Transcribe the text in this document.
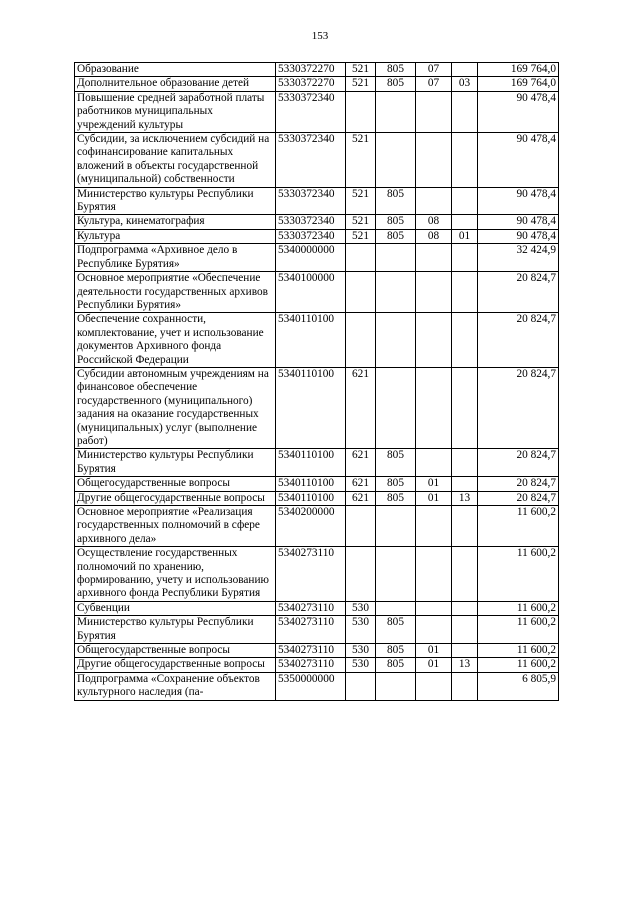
153
Образование	5330372270	521	805	07		169 764,0
Дополнительное образование детей	5330372270	521	805	07	03	169 764,0
Повышение средней заработной платы работников муниципальных учреждений культуры	5330372340					90 478,4
Субсидии, за исключением субсидий на софинансирование капитальных вложений в объекты государственной (муниципальной) собственности	5330372340	521				90 478,4
Министерство культуры Республики Бурятия	5330372340	521	805			90 478,4
Культура, кинематография	5330372340	521	805	08		90 478,4
Культура	5330372340	521	805	08	01	90 478,4
Подпрограмма «Архивное дело в Республике Бурятия»	5340000000					32 424,9
Основное мероприятие «Обеспечение деятельности государственных архивов Республики Бурятия»	5340100000					20 824,7
Обеспечение сохранности, комплектование, учет и использование документов Архивного фонда Российской Федерации	5340110100					20 824,7
Субсидии автономным учреждениям на финансовое обеспечение государственного (муниципального) задания на оказание государственных (муниципальных) услуг (выполнение работ)	5340110100	621				20 824,7
Министерство культуры Республики Бурятия	5340110100	621	805			20 824,7
Общегосударственные вопросы	5340110100	621	805	01		20 824,7
Другие общегосударственные вопросы	5340110100	621	805	01	13	20 824,7
Основное мероприятие «Реализация государственных полномочий в сфере архивного дела»	5340200000					11 600,2
Осуществление государственных полномочий по хранению, формированию, учету и использованию архивного фонда Республики Бурятия	5340273110					11 600,2
Субвенции	5340273110	530				11 600,2
Министерство культуры Республики Бурятия	5340273110	530	805			11 600,2
Общегосударственные вопросы	5340273110	530	805	01		11 600,2
Другие общегосударственные вопросы	5340273110	530	805	01	13	11 600,2
Подпрограмма «Сохранение объектов культурного наследия (па-	5350000000					6 805,9
